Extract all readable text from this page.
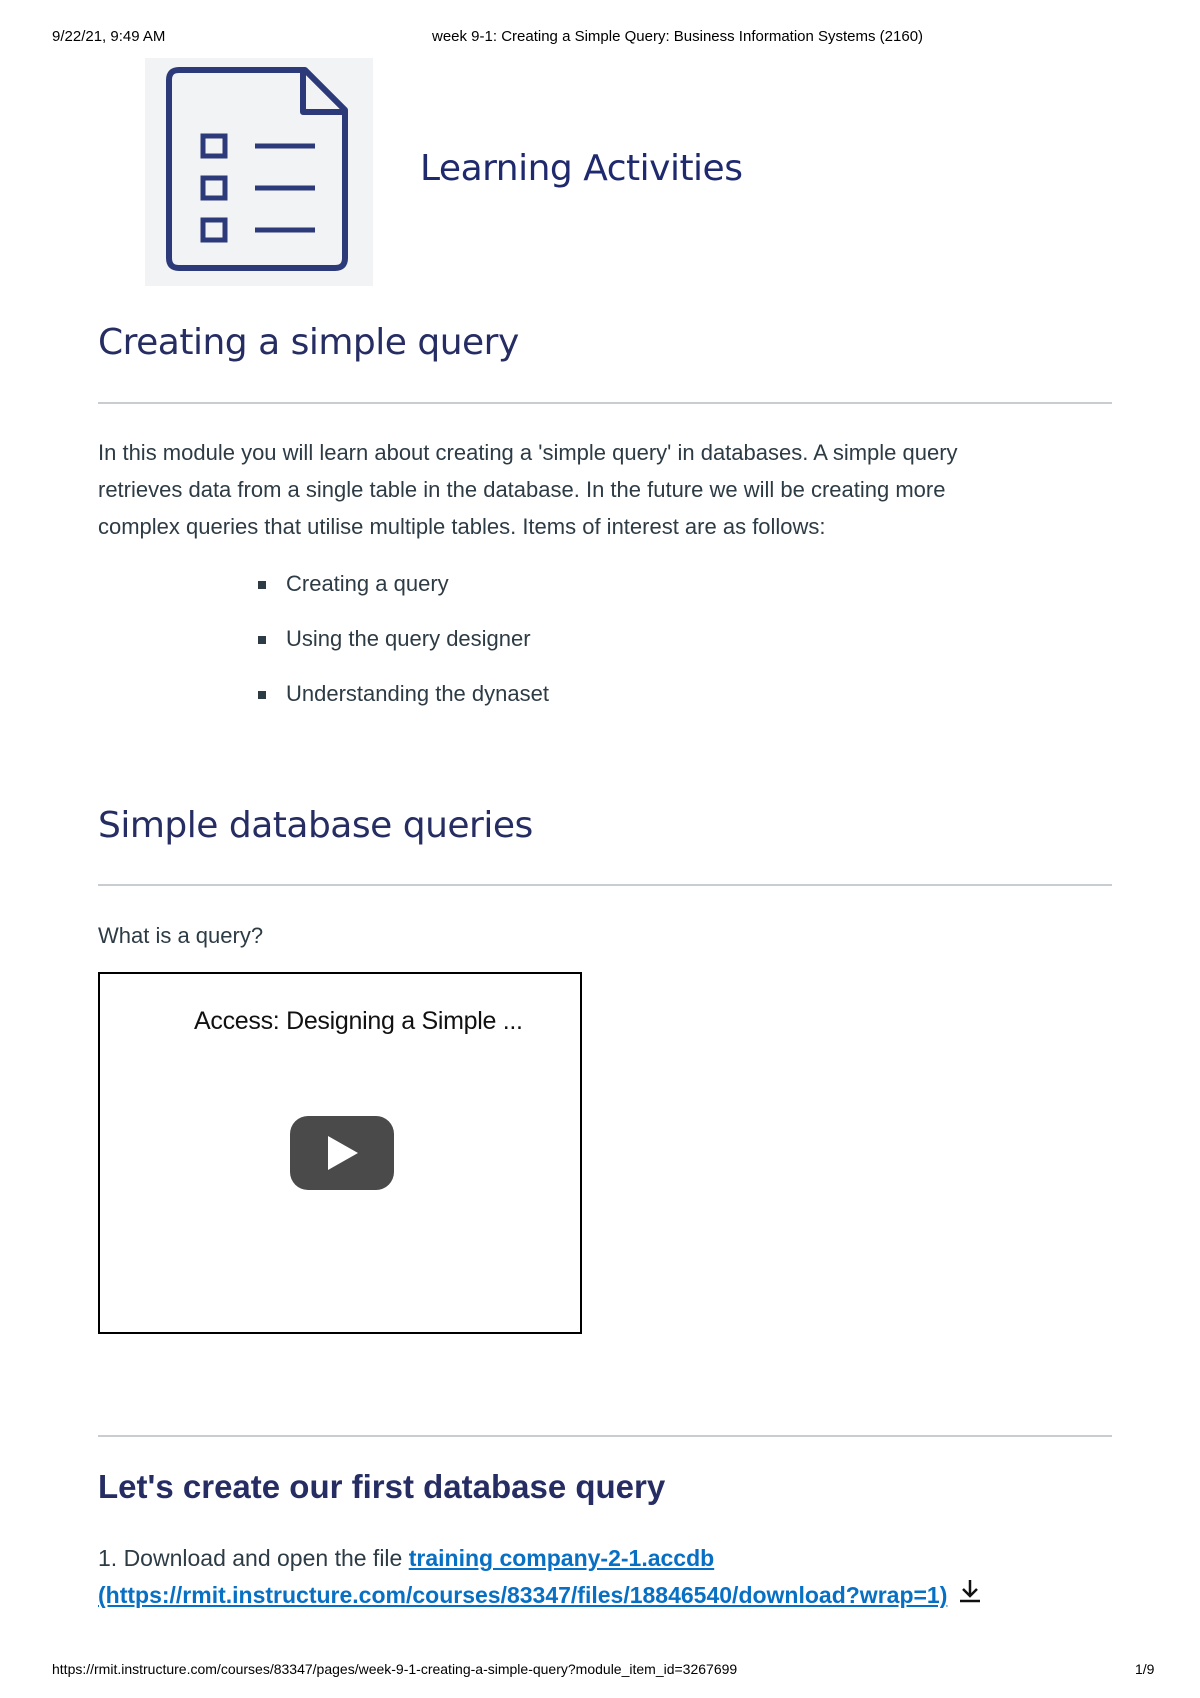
9/22/21, 9:49 AM	week 9-1: Creating a Simple Query: Business Information Systems (2160)
Learning Activities
Creating a simple query
In this module you will learn about creating a 'simple query' in databases. A simple query
retrieves data from a single table in the database. In the future we will be creating more
complex queries that utilise multiple tables. Items of interest are as follows:
Creating a query
Using the query designer
Understanding the dynaset
Simple database queries
What is a query?
Access: Designing a Simple ...
Let's create our first database query
1. Download and open the file training company-2-1.accdb
(https://rmit.instructure.com/courses/83347/files/18846540/download?wrap=1)
https://rmit.instructure.com/courses/83347/pages/week-9-1-creating-a-simple-query?module_item_id=3267699	1/9
